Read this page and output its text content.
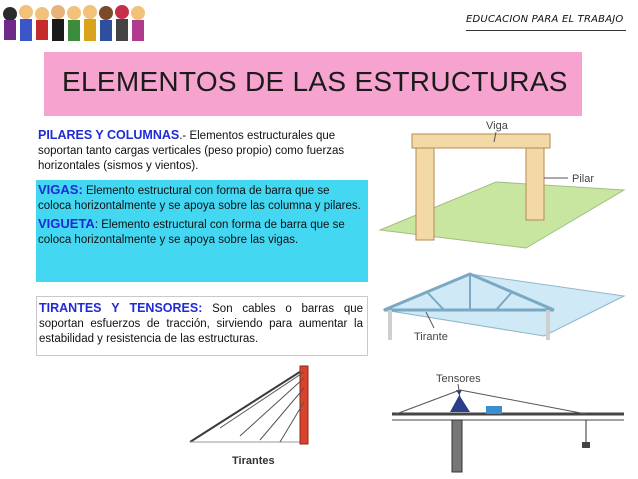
EDUCACION PARA EL TRABAJO
ELEMENTOS DE LAS ESTRUCTURAS

PILARES Y COLUMNAS.- Elementos estructurales que soportan tanto cargas verticales (peso propio) como fuerzas horizontales (sismos y vientos).

VIGAS: Elemento estructural con forma de barra que se coloca horizontalmente y se apoya sobre las columna y pilares.

VIGUETA: Elemento estructural con forma de barra que se coloca horizontalmente y se apoya sobre las vigas.

TIRANTES Y TENSORES: Son cables o barras que soportan esfuerzos de tracción, sirviendo para aumentar la estabilidad y resistencia de las estructuras.

Viga
Pilar
Tirante
Tirantes
Tensores
